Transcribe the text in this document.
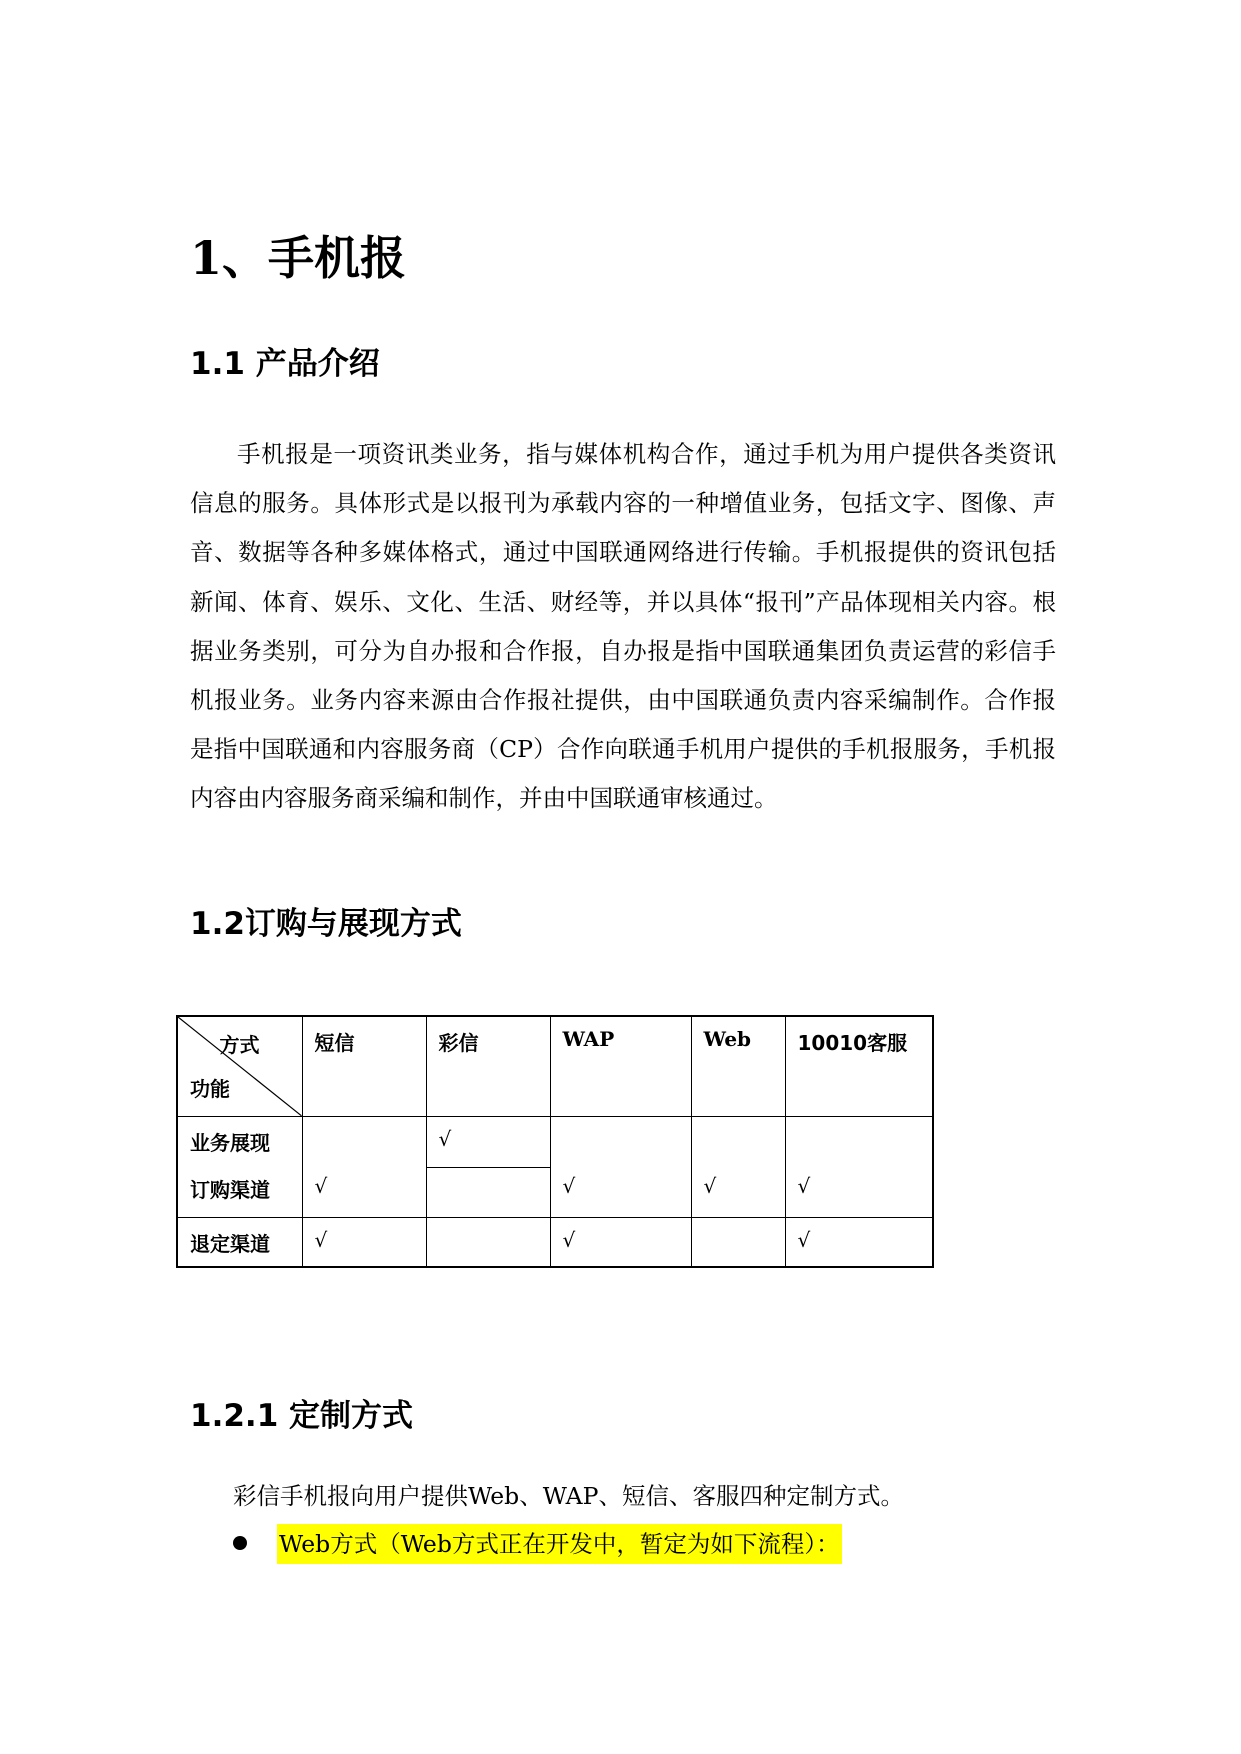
1、手机报
1.1 产品介绍

手机报是一项资讯类业务，指与媒体机构合作，通过手机为用户提供各类资讯信息的服务。具体形式是以报刊为承载内容的一种增值业务，包括文字、图像、声音、数据等各种多媒体格式，通过中国联通网络进行传输。手机报提供的资讯包括新闻、体育、娱乐、文化、生活、财经等，并以具体“报刊”产品体现相关内容。根据业务类别，可分为自办报和合作报，自办报是指中国联通集团负责运营的彩信手机报业务。业务内容来源由合作报社提供，由中国联通负责内容采编制作。合作报是指中国联通和内容服务商（CP）合作向联通手机用户提供的手机报服务，手机报内容由内容服务商采编和制作，并由中国联通审核通过。

1.2订购与展现方式
方式
功能	短信	彩信	WAP	Web	10010客服
业务展现		√			
订购渠道	√		√	√	√
退定渠道	√		√		√
1.2.1 定制方式

彩信手机报向用户提供Web、WAP、短信、客服四种定制方式。

Web方式（Web方式正在开发中，暂定为如下流程）：
